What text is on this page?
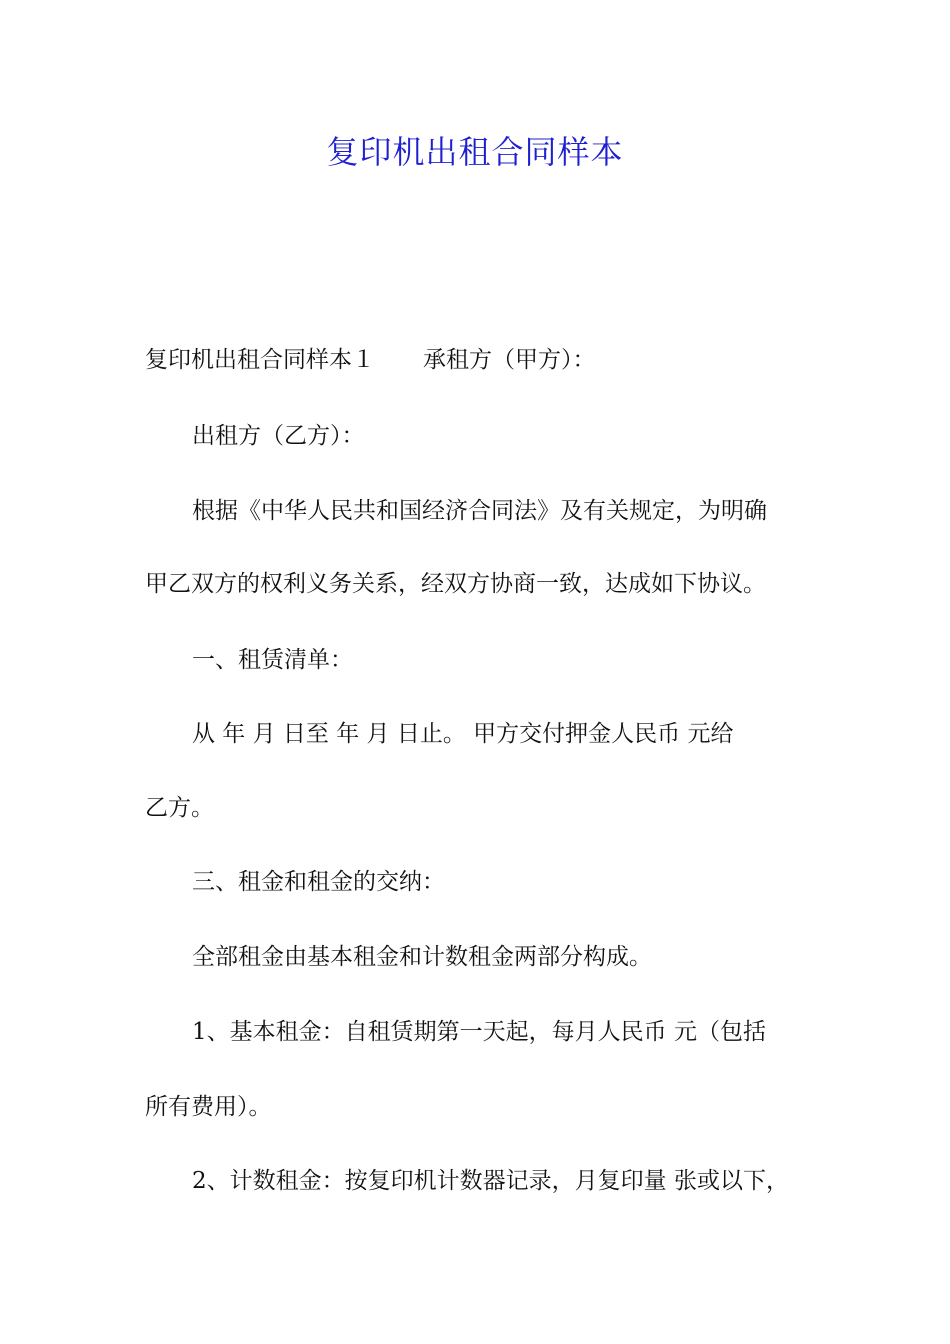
复印机出租合同样本
复印机出租合同样本１ 承租方（甲方）：
出租方（乙方）：
根据《中华人民共和国经济合同法》及有关规定，为明确
甲乙双方的权利义务关系，经双方协商一致，达成如下协议。
一、租赁清单：
从 年 月 日至 年 月 日止。 甲方交付押金人民币 元给
乙方。
三、租金和租金的交纳：
全部租金由基本租金和计数租金两部分构成。
1、基本租金：自租赁期第一天起，每月人民币 元（包括
所有费用）。
2、计数租金：按复印机计数器记录，月复印量 张或以下，
